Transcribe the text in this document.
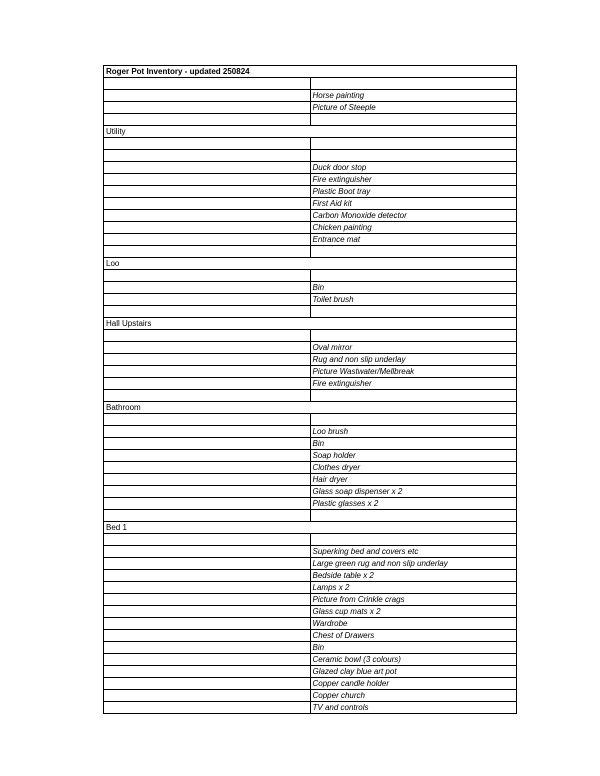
Roger Pot Inventory - updated 250824	

	Horse painting
	Picture of Steeple

Utility	

	Duck door stop
	Fire extinguisher
	Plastic Boot tray
	First Aid kit
	Carbon Monoxide detector
	Chicken painting
	Entrance mat

Loo	

	Bin
	Toilet brush

Hall Upstairs	

	Oval mirror
	Rug and non slip underlay
	Picture Wastwater/Mellbreak
	Fire extinguisher

Bathroom	

	Loo brush
	Bin
	Soap holder
	Clothes dryer
	Hair dryer
	Glass soap dispenser x 2
	Plastic glasses x 2

Bed 1	

	Superking bed and covers etc
	Large green rug and non slip underlay
	Bedside table x 2
	Lamps x 2
	Picture from Crinkle crags
	Glass cup mats x 2
	Wardrobe
	Chest of Drawers
	Bin
	Ceramic bowl (3 colours)
	Glazed clay blue art pot
	Copper candle holder
	Copper church
	TV and controls
